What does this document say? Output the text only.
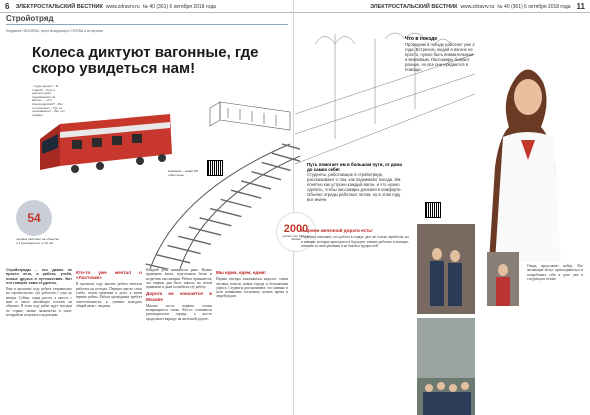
6	ЭЛЕКТРОСТАЛЬСКИЙ ВЕСТНИК www.zdravrv.ru № 40 (361) 6 октября 2018 года	ЭЛЕКТРОСТАЛЬСКИЙ ВЕСТНИК www.zdravrv.ru № 40 (361) 6 октября 2018 года 11
Стройотряд
Людмила НЕХИЕВА, фото Владимира ГОРЕВА и из архива
Колеса диктуют вагонные, где скоро увидеться нам!
– Куда идешь? – В старый! – Путь в далекие края, поднимаемся на вагоне... – И в Краснодарский? – Вот это реально! – Где ты проживаешь? – Вот это правда!
Название – новая ЭП «Ласточка»
54
человек работают на объектах и 3 руководителя от 16 лет
2000
рублей стоит билет до Москвы

Стройотряды – это давно не просто лето, а работа, учеба, новые друзья и путешествия. Вот что говорят сами студенты.

Еще в прошлом году ребята отправились на строительство, где работали с утра до вечера. Сейчас отряд растет, а вместе с ним и число желающих поехать на объекты. В этом году ребят ждут поездки по стране, новые знакомства и опыт, который не получить в аудитории.

Кто-то уже мечтал о «Ласточке»

В прошлом году многие ребята мечтали работать на поездах. Первым шагом стала учеба, потом практика в депо, а затем первые рейсы. Работа проводника требует ответственности и умения находить общий язык с людьми.

Каждый день начинается рано. Нужно проверить вагон, подготовить белье и встретить пассажиров. Ребята признаются, что первые дни было тяжело, но потом привыкли и даже полюбили эту работу.

Дорога не кончается в Москве

Многие после первого сезона возвращаются снова. Кто-то становится руководителем отряда, а кто-то продолжает карьеру на железной дороге.

Мы едем, едем, едем!

Первая поездка запомнилась надолго: смена часовых поясов, новые города и бесконечная дорога. Студенты рассказывают, что именно в пути начинаешь по-новому ценить время и людей рядом.

Что в поезде

Проводник в поезде работает уже 2 года. Встречать людей в вагоне не просто, нужно быть внимательным и вежливым. Пассажиры бывают разные, но все они нуждаются в помощи.

Путь помогает им в большом пути, от дома до самих себя!

Студенты, работающие в стройотряде, рассказывают о том, как поднимают поезда. Им понятно как устроен каждый вагон, и что нужно сделать, чтобы пассажиры доехали в комфорте. Обычно отряды работают летом, но в этом году все иначе.

И кроме железной дороги есть!

Студенты отмечают, что работа в отряде дает не только заработок, но и навыки, которые пригодятся в будущем: умение работать в команде, отвечать за свои решения и не бояться трудностей.

Отряд продолжает набор. Все желающие могут присоединиться и попробовать себя в деле уже в следующем сезоне.
